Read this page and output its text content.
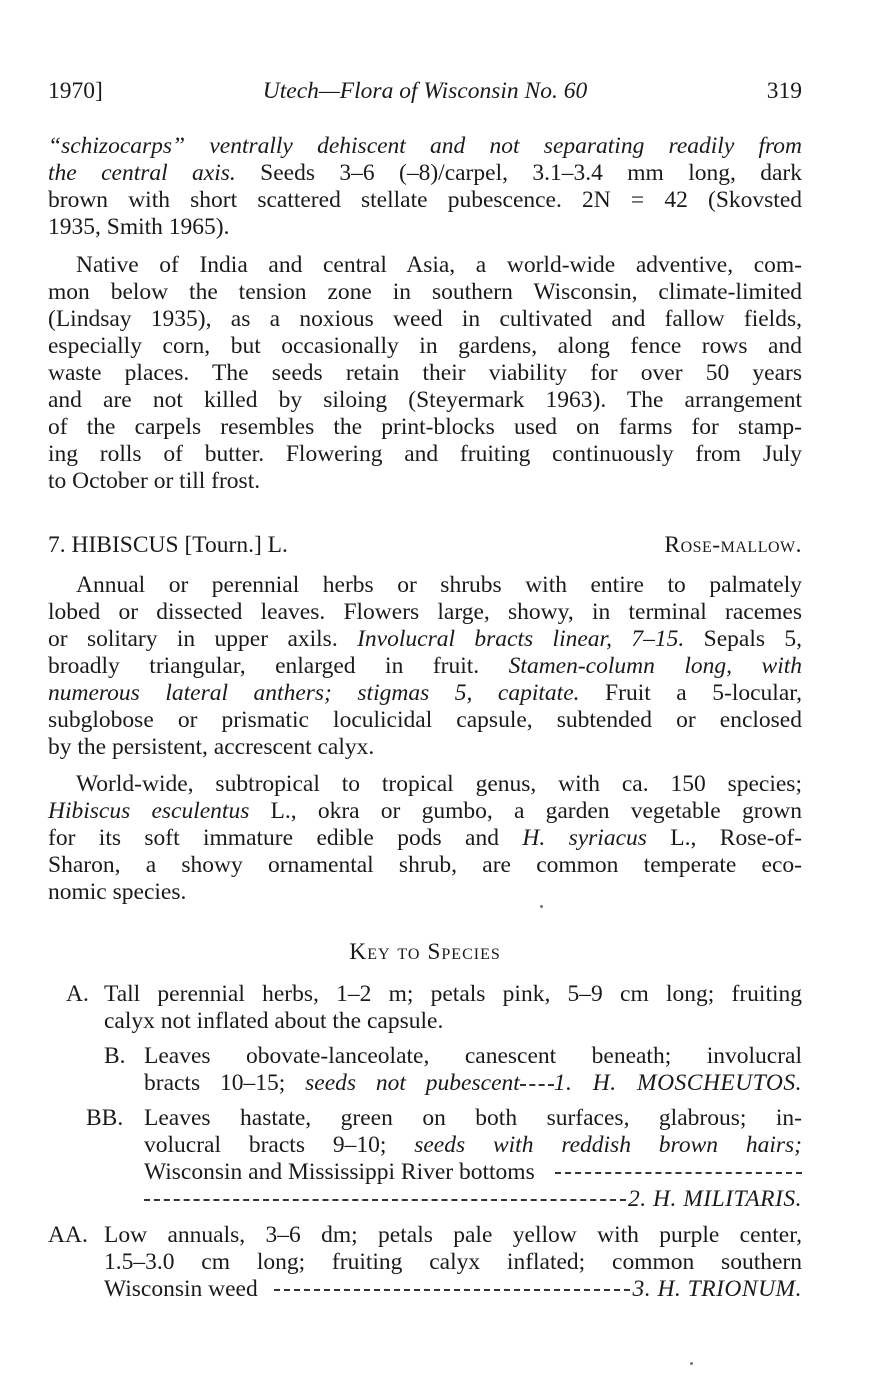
1970]	Utech—Flora of Wisconsin No. 60	319
“schizocarps” ventrally dehiscent and not separating readily from
the central axis. Seeds 3–6 (–8)/carpel, 3.1–3.4 mm long, dark
brown with short scattered stellate pubescence. 2N = 42 (Skovsted
1935, Smith 1965).
Native of India and central Asia, a world-wide adventive, com-
mon below the tension zone in southern Wisconsin, climate-limited
(Lindsay 1935), as a noxious weed in cultivated and fallow fields,
especially corn, but occasionally in gardens, along fence rows and
waste places. The seeds retain their viability for over 50 years
and are not killed by siloing (Steyermark 1963). The arrangement
of the carpels resembles the print-blocks used on farms for stamp-
ing rolls of butter. Flowering and fruiting continuously from July
to October or till frost.
7. HIBISCUS [Tourn.] L.	Rose-mallow.
Annual or perennial herbs or shrubs with entire to palmately
lobed or dissected leaves. Flowers large, showy, in terminal racemes
or solitary in upper axils. Involucral bracts linear, 7–15. Sepals 5,
broadly triangular, enlarged in fruit. Stamen-column long, with
numerous lateral anthers; stigmas 5, capitate. Fruit a 5-locular,
subglobose or prismatic loculicidal capsule, subtended or enclosed
by the persistent, accrescent calyx.
World-wide, subtropical to tropical genus, with ca. 150 species;
Hibiscus esculentus L., okra or gumbo, a garden vegetable grown
for its soft immature edible pods and H. syriacus L., Rose-of-
Sharon, a showy ornamental shrub, are common temperate eco-
nomic species.
Key to Species
A. Tall perennial herbs, 1–2 m; petals pink, 5–9 cm long; fruiting
calyx not inflated about the capsule.
B. Leaves obovate-lanceolate, canescent beneath; involucral
bracts 10–15; seeds not pubescent 1. H. MOSCHEUTOS.
BB. Leaves hastate, green on both surfaces, glabrous; in-
volucral bracts 9–10; seeds with reddish brown hairs;
Wisconsin and Mississippi River bottoms
2. H. MILITARIS.
AA. Low annuals, 3–6 dm; petals pale yellow with purple center,
1.5–3.0 cm long; fruiting calyx inflated; common southern
Wisconsin weed	3. H. TRIONUM.
